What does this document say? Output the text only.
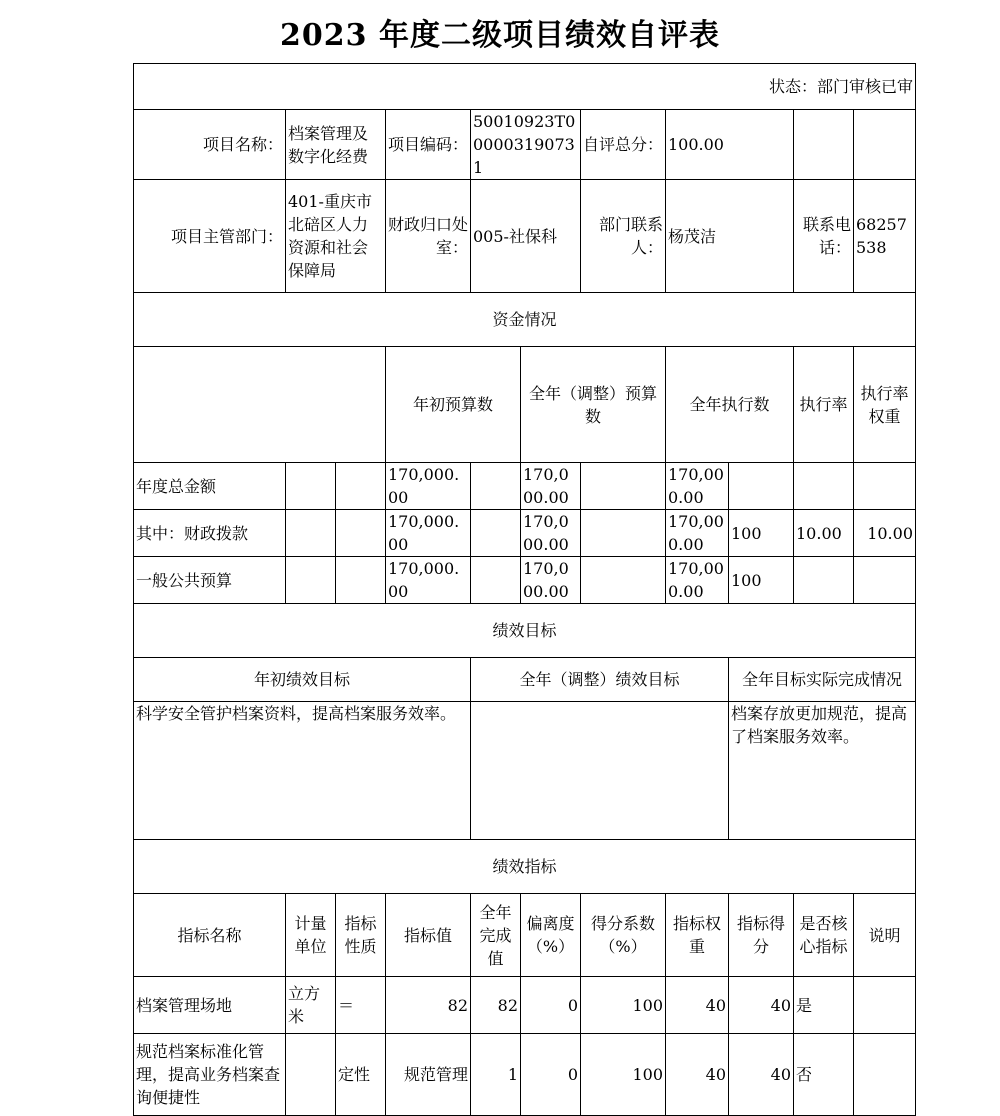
2023 年度二级项目绩效自评表
状态：部门审核已审											
项目名称：	档案管理及数字化经费		项目编码：	50010923T000003190731		自评总分：	100.00				
项目主管部门：	401-重庆市北碚区人力资源和社会保障局		财政归口处室：	005-社保科		部门联系人：	杨茂洁		联系电话：	68257538	
资金情况											
			年初预算数		全年（调整）预算数		全年执行数		执行率	执行率权重	
年度总金额			170,000.00		170,000.00		170,000.00				
其中：财政拨款			170,000.00		170,000.00		170,000.00	100	10.00	10.00	
一般公共预算			170,000.00		170,000.00		170,000.00	100			
绩效目标											
年初绩效目标				全年（调整）绩效目标				全年目标实际完成情况			
科学安全管护档案资料，提高档案服务效率。								档案存放更加规范，提高了档案服务效率。			
绩效指标											
指标名称	计量单位	指标性质	指标值	全年完成值	偏离度（%）	得分系数（%）	指标权重	指标得分	是否核心指标	说明	
档案管理场地	立方米	＝	82	82	0	100	40	40	是		
规范档案标准化管理，提高业务档案查询便捷性		定性	规范管理	1	0	100	40	40	否		
